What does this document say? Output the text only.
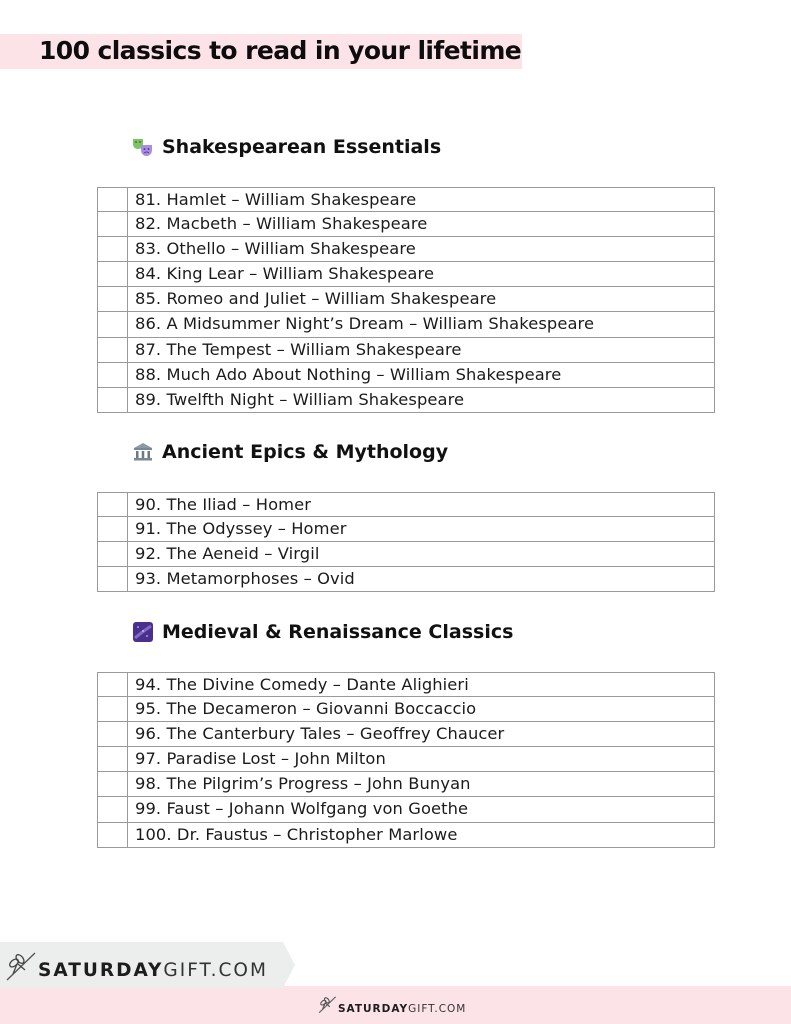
100 classics to read in your lifetime
Shakespearean Essentials
81. Hamlet – William Shakespeare
82. Macbeth – William Shakespeare
83. Othello – William Shakespeare
84. King Lear – William Shakespeare
85. Romeo and Juliet – William Shakespeare
86. A Midsummer Night’s Dream – William Shakespeare
87. The Tempest – William Shakespeare
88. Much Ado About Nothing – William Shakespeare
89. Twelfth Night – William Shakespeare
Ancient Epics & Mythology
90. The Iliad – Homer
91. The Odyssey – Homer
92. The Aeneid – Virgil
93. Metamorphoses – Ovid
Medieval & Renaissance Classics
94. The Divine Comedy – Dante Alighieri
95. The Decameron – Giovanni Boccaccio
96. The Canterbury Tales – Geoffrey Chaucer
97. Paradise Lost – John Milton
98. The Pilgrim’s Progress – John Bunyan
99. Faust – Johann Wolfgang von Goethe
100. Dr. Faustus – Christopher Marlowe
SATURDAYGIFT.COM
SATURDAYGIFT.COM
